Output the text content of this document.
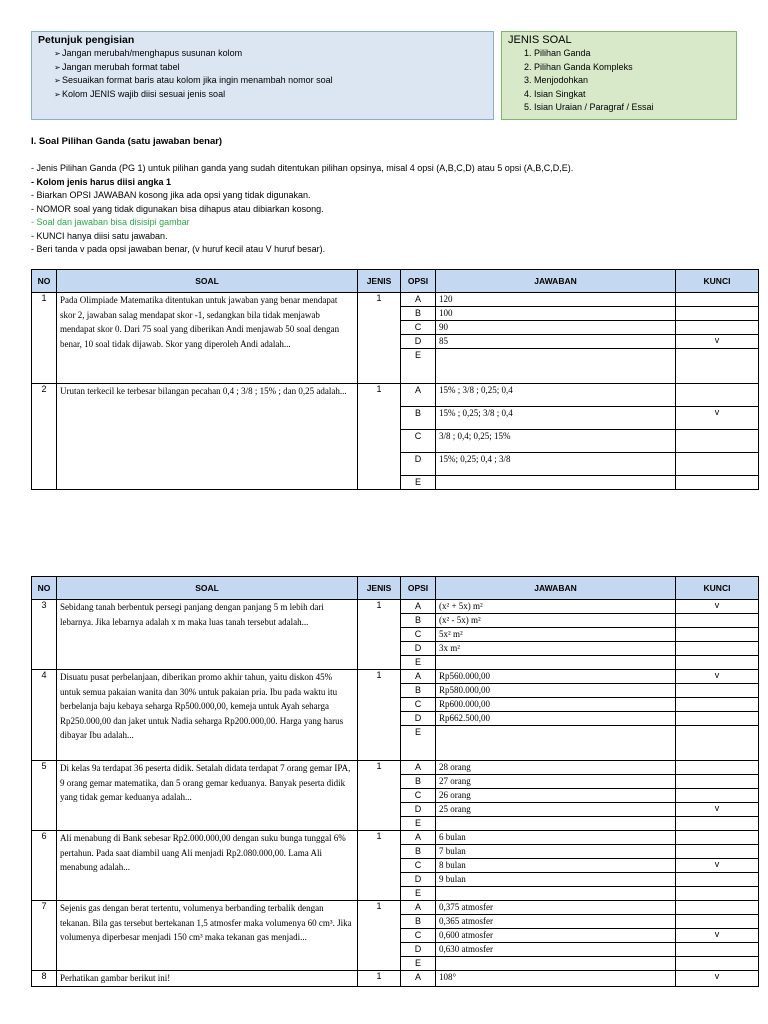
Petunjuk pengisian
➢ Jangan merubah/menghapus susunan kolom
➢ Jangan merubah format tabel
➢ Sesuaikan format baris atau kolom jika ingin menambah nomor soal
➢ Kolom JENIS wajib diisi sesuai jenis soal
JENIS SOAL
1. Pilihan Ganda
2. Pilihan Ganda Kompleks
3. Menjodohkan
4. Isian Singkat
5. Isian Uraian / Paragraf / Essai
I. Soal Pilihan Ganda (satu jawaban benar)
- Jenis Pilihan Ganda (PG 1) untuk pilihan ganda yang sudah ditentukan pilihan opsinya, misal 4 opsi (A,B,C,D) atau 5 opsi (A,B,C,D,E).
- Kolom jenis harus diisi angka 1
- Biarkan OPSI JAWABAN kosong jika ada opsi yang tidak digunakan.
- NOMOR soal yang tidak digunakan bisa dihapus atau dibiarkan kosong.
- Soal dan jawaban bisa disisipi gambar
- KUNCI hanya diisi satu jawaban.
- Beri tanda v pada opsi jawaban benar, (v huruf kecil atau V huruf besar).
NO	SOAL	JENIS	OPSI	JAWABAN	KUNCI
1	Pada Olimpiade Matematika ditentukan untuk jawaban yang benar mendapat skor 2, jawaban salag mendapat skor -1, sedangkan bila tidak menjawab mendapat skor 0. Dari 75 soal yang diberikan Andi menjawab 50 soal dengan benar, 10 soal tidak dijawab. Skor yang diperoleh Andi adalah...	1	A	120	
			B	100	
			C	90	
			D	85	v
			E		
2	Urutan terkecil ke terbesar bilangan pecahan 0,4 ; 3/8 ; 15% ; dan 0,25 adalah...	1	A	15% ; 3/8 ; 0,25; 0,4	
			B	15% ; 0,25; 3/8 ; 0,4	v
			C	3/8 ; 0,4; 0,25; 15%	
			D	15%; 0,25; 0,4 ; 3/8	
			E		
NO	SOAL	JENIS	OPSI	JAWABAN	KUNCI
3	Sebidang tanah berbentuk persegi panjang dengan panjang 5 m lebih dari lebarnya. Jika lebarnya adalah x m maka luas tanah tersebut adalah...	1	A	(x² + 5x) m²	v
			B	(x² - 5x) m²	
			C	5x² m²	
			D	3x m²	
			E		
4	Disuatu pusat perbelanjaan, diberikan promo akhir tahun, yaitu diskon 45% untuk semua pakaian wanita dan 30% untuk pakaian pria. Ibu pada waktu itu berbelanja baju kebaya seharga Rp500.000,00, kemeja untuk Ayah seharga Rp250.000,00 dan jaket untuk Nadia seharga Rp200.000,00. Harga yang harus dibayar Ibu adalah...	1	A	Rp560.000,00	v
			B	Rp580.000,00	
			C	Rp600.000,00	
			D	Rp662.500,00	
			E		
5	Di kelas 9a terdapat 36 peserta didik. Setalah didata terdapat 7 orang gemar IPA, 9 orang gemar matematika, dan 5 orang gemar keduanya. Banyak peserta didik yang tidak gemar keduanya adalah...	1	A	28 orang	
			B	27 orang	
			C	26 orang	
			D	25 orang	v
			E		
6	Ali menabung di Bank sebesar Rp2.000.000,00 dengan suku bunga tunggal 6% pertahun. Pada saat diambil uang Ali menjadi Rp2.080.000,00. Lama Ali menabung adalah...	1	A	6 bulan	
			B	7 bulan	
			C	8 bulan	v
			D	9 bulan	
			E		
7	Sejenis gas dengan berat tertentu, volumenya berbanding terbalik dengan tekanan. Bila gas tersebut bertekanan 1,5 atmosfer maka volumenya 60 cm³. Jika volumenya diperbesar menjadi 150 cm³ maka tekanan gas menjadi...	1	A	0,375 atmosfer	
			B	0,365 atmosfer	
			C	0,600 atmosfer	v
			D	0,630 atmosfer	
			E		
8	Perhatikan gambar berikut ini!	1	A	108°	v
